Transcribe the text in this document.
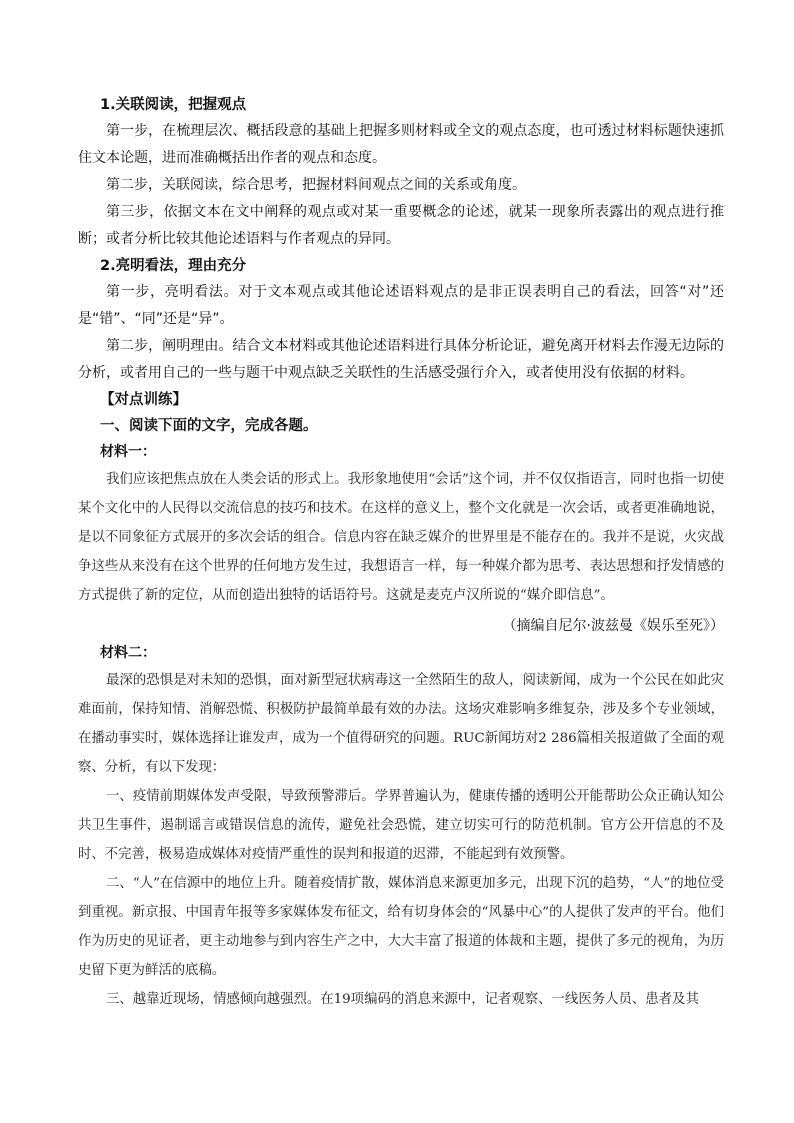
1.关联阅读，把握观点

第一步，在梳理层次、概括段意的基础上把握多则材料或全文的观点态度，也可透过材料标题快速抓住文本论题，进而准确概括出作者的观点和态度。

第二步，关联阅读，综合思考，把握材料间观点之间的关系或角度。

第三步，依据文本在文中阐释的观点或对某一重要概念的论述，就某一现象所表露出的观点进行推断；或者分析比较其他论述语料与作者观点的异同。

2.亮明看法，理由充分

第一步，亮明看法。对于文本观点或其他论述语料观点的是非正误表明自己的看法，回答“对”还是“错”、“同”还是“异”。

第二步，阐明理由。结合文本材料或其他论述语料进行具体分析论证，避免离开材料去作漫无边际的分析，或者用自己的一些与题干中观点缺乏关联性的生活感受强行介入，或者使用没有依据的材料。

【对点训练】
一、阅读下面的文字，完成各题。
材料一：

我们应该把焦点放在人类会话的形式上。我形象地使用“会话”这个词，并不仅仅指语言，同时也指一切使某个文化中的人民得以交流信息的技巧和技术。在这样的意义上，整个文化就是一次会话，或者更准确地说，是以不同象征方式展开的多次会话的组合。信息内容在缺乏媒介的世界里是不能存在的。我并不是说，火灾战争这些从来没有在这个世界的任何地方发生过，我想语言一样，每一种媒介都为思考、表达思想和抒发情感的方式提供了新的定位，从而创造出独特的话语符号。这就是麦克卢汉所说的“媒介即信息”。

（摘编自尼尔·波兹曼《娱乐至死》）

材料二：

最深的恐惧是对未知的恐惧，面对新型冠状病毒这一全然陌生的敌人，阅读新闻，成为一个公民在如此灾难面前，保持知情、消解恐慌、积极防护最简单最有效的办法。这场灾难影响多维复杂，涉及多个专业领域，在播动事实时，媒体选择让谁发声，成为一个值得研究的问题。RUC新闻坊对2 286篇相关报道做了全面的观察、分析，有以下发现：

一、疫情前期媒体发声受限，导致预警滞后。学界普遍认为，健康传播的透明公开能帮助公众正确认知公共卫生事件，遏制谣言或错误信息的流传，避免社会恐慌，建立切实可行的防范机制。官方公开信息的不及时、不完善，极易造成媒体对疫情严重性的误判和报道的迟滞，不能起到有效预警。

二、“人”在信源中的地位上升。随着疫情扩散，媒体消息来源更加多元，出现下沉的趋势，“人”的地位受到重视。新京报、中国青年报等多家媒体发布征文，给有切身体会的“风暴中心”的人提供了发声的平台。他们作为历史的见证者，更主动地参与到内容生产之中，大大丰富了报道的体裁和主题，提供了多元的视角，为历史留下更为鲜活的底稿。

三、越靠近现场，情感倾向越强烈。在19项编码的消息来源中，记者观察、一线医务人员、患者及其
